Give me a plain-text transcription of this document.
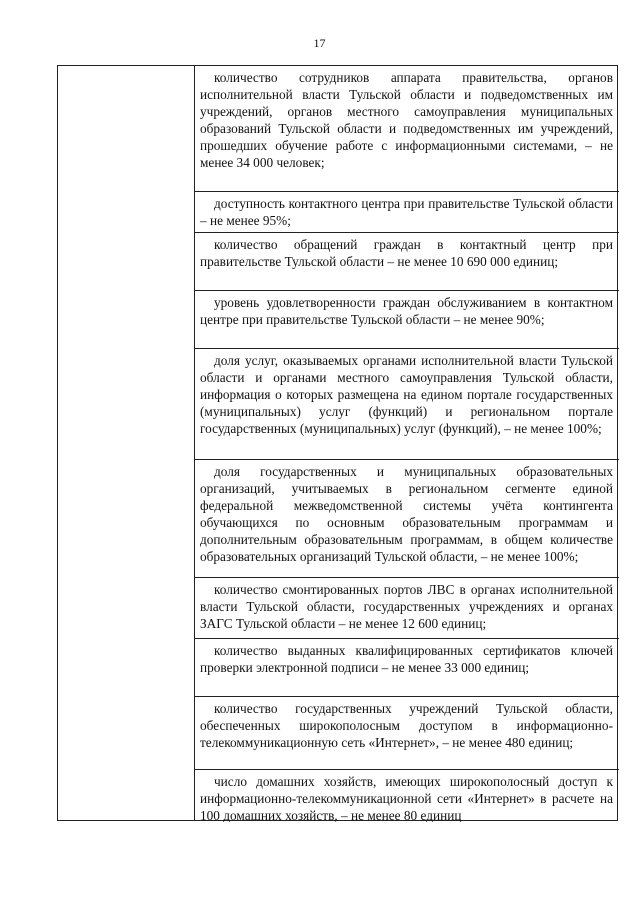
17

количество сотрудников аппарата правительства, органов исполнительной власти Тульской области и подведомственных им учреждений, органов местного самоуправления муниципальных образований Тульской области и подведомственных им учреждений, прошедших обучение работе с информационными системами, – не менее 34 000 человек;

доступность контактного центра при правительстве Тульской области – не менее 95%;

количество обращений граждан в контактный центр при правительстве Тульской области – не менее 10 690 000 единиц;

уровень удовлетворенности граждан обслуживанием в контактном центре при правительстве Тульской области – не менее 90%;

доля услуг, оказываемых органами исполнительной власти Тульской области и органами местного самоуправления Тульской области, информация о которых размещена на едином портале государственных (муниципальных) услуг (функций) и региональном портале государственных (муниципальных) услуг (функций), – не менее 100%;

доля государственных и муниципальных образовательных организаций, учитываемых в региональном сегменте единой федеральной межведомственной системы учёта контингента обучающихся по основным образовательным программам и дополнительным образовательным программам, в общем количестве образовательных организаций Тульской области, – не менее 100%;

количество смонтированных портов ЛВС в органах исполнительной власти Тульской области, государственных учреждениях и органах ЗАГС Тульской области – не менее 12 600 единиц;

количество выданных квалифицированных сертификатов ключей проверки электронной подписи – не менее 33 000 единиц;

количество государственных учреждений Тульской области, обеспеченных широкополосным доступом в информационно-телекоммуникационную сеть «Интернет», – не менее 480 единиц;

число домашних хозяйств, имеющих широкополосный доступ к информационно-телекоммуникационной сети «Интернет» в расчете на 100 домашних хозяйств, – не менее 80 единиц
